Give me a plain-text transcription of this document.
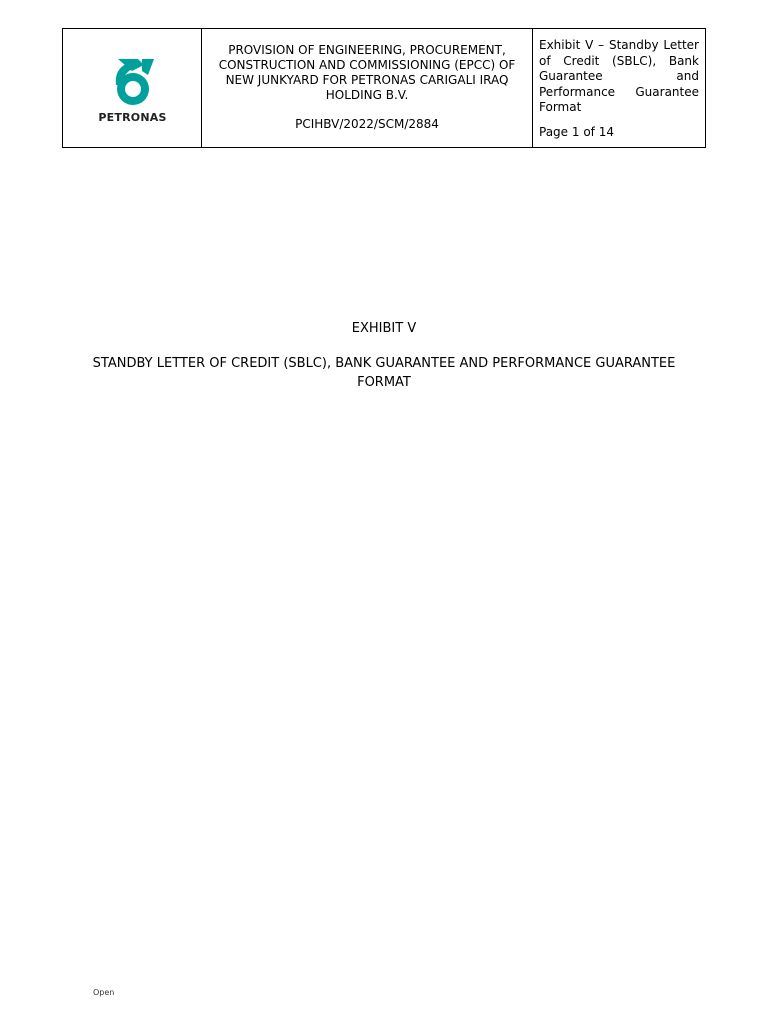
PETRONAS
PROVISION OF ENGINEERING, PROCUREMENT, CONSTRUCTION AND COMMISSIONING (EPCC) OF NEW JUNKYARD FOR PETRONAS CARIGALI IRAQ HOLDING B.V.
PCIHBV/2022/SCM/2884
Exhibit V – Standby Letter of Credit (SBLC), Bank Guarantee and Performance Guarantee Format
Page 1 of 14
EXHIBIT V
STANDBY LETTER OF CREDIT (SBLC), BANK GUARANTEE AND PERFORMANCE GUARANTEE FORMAT
Open
